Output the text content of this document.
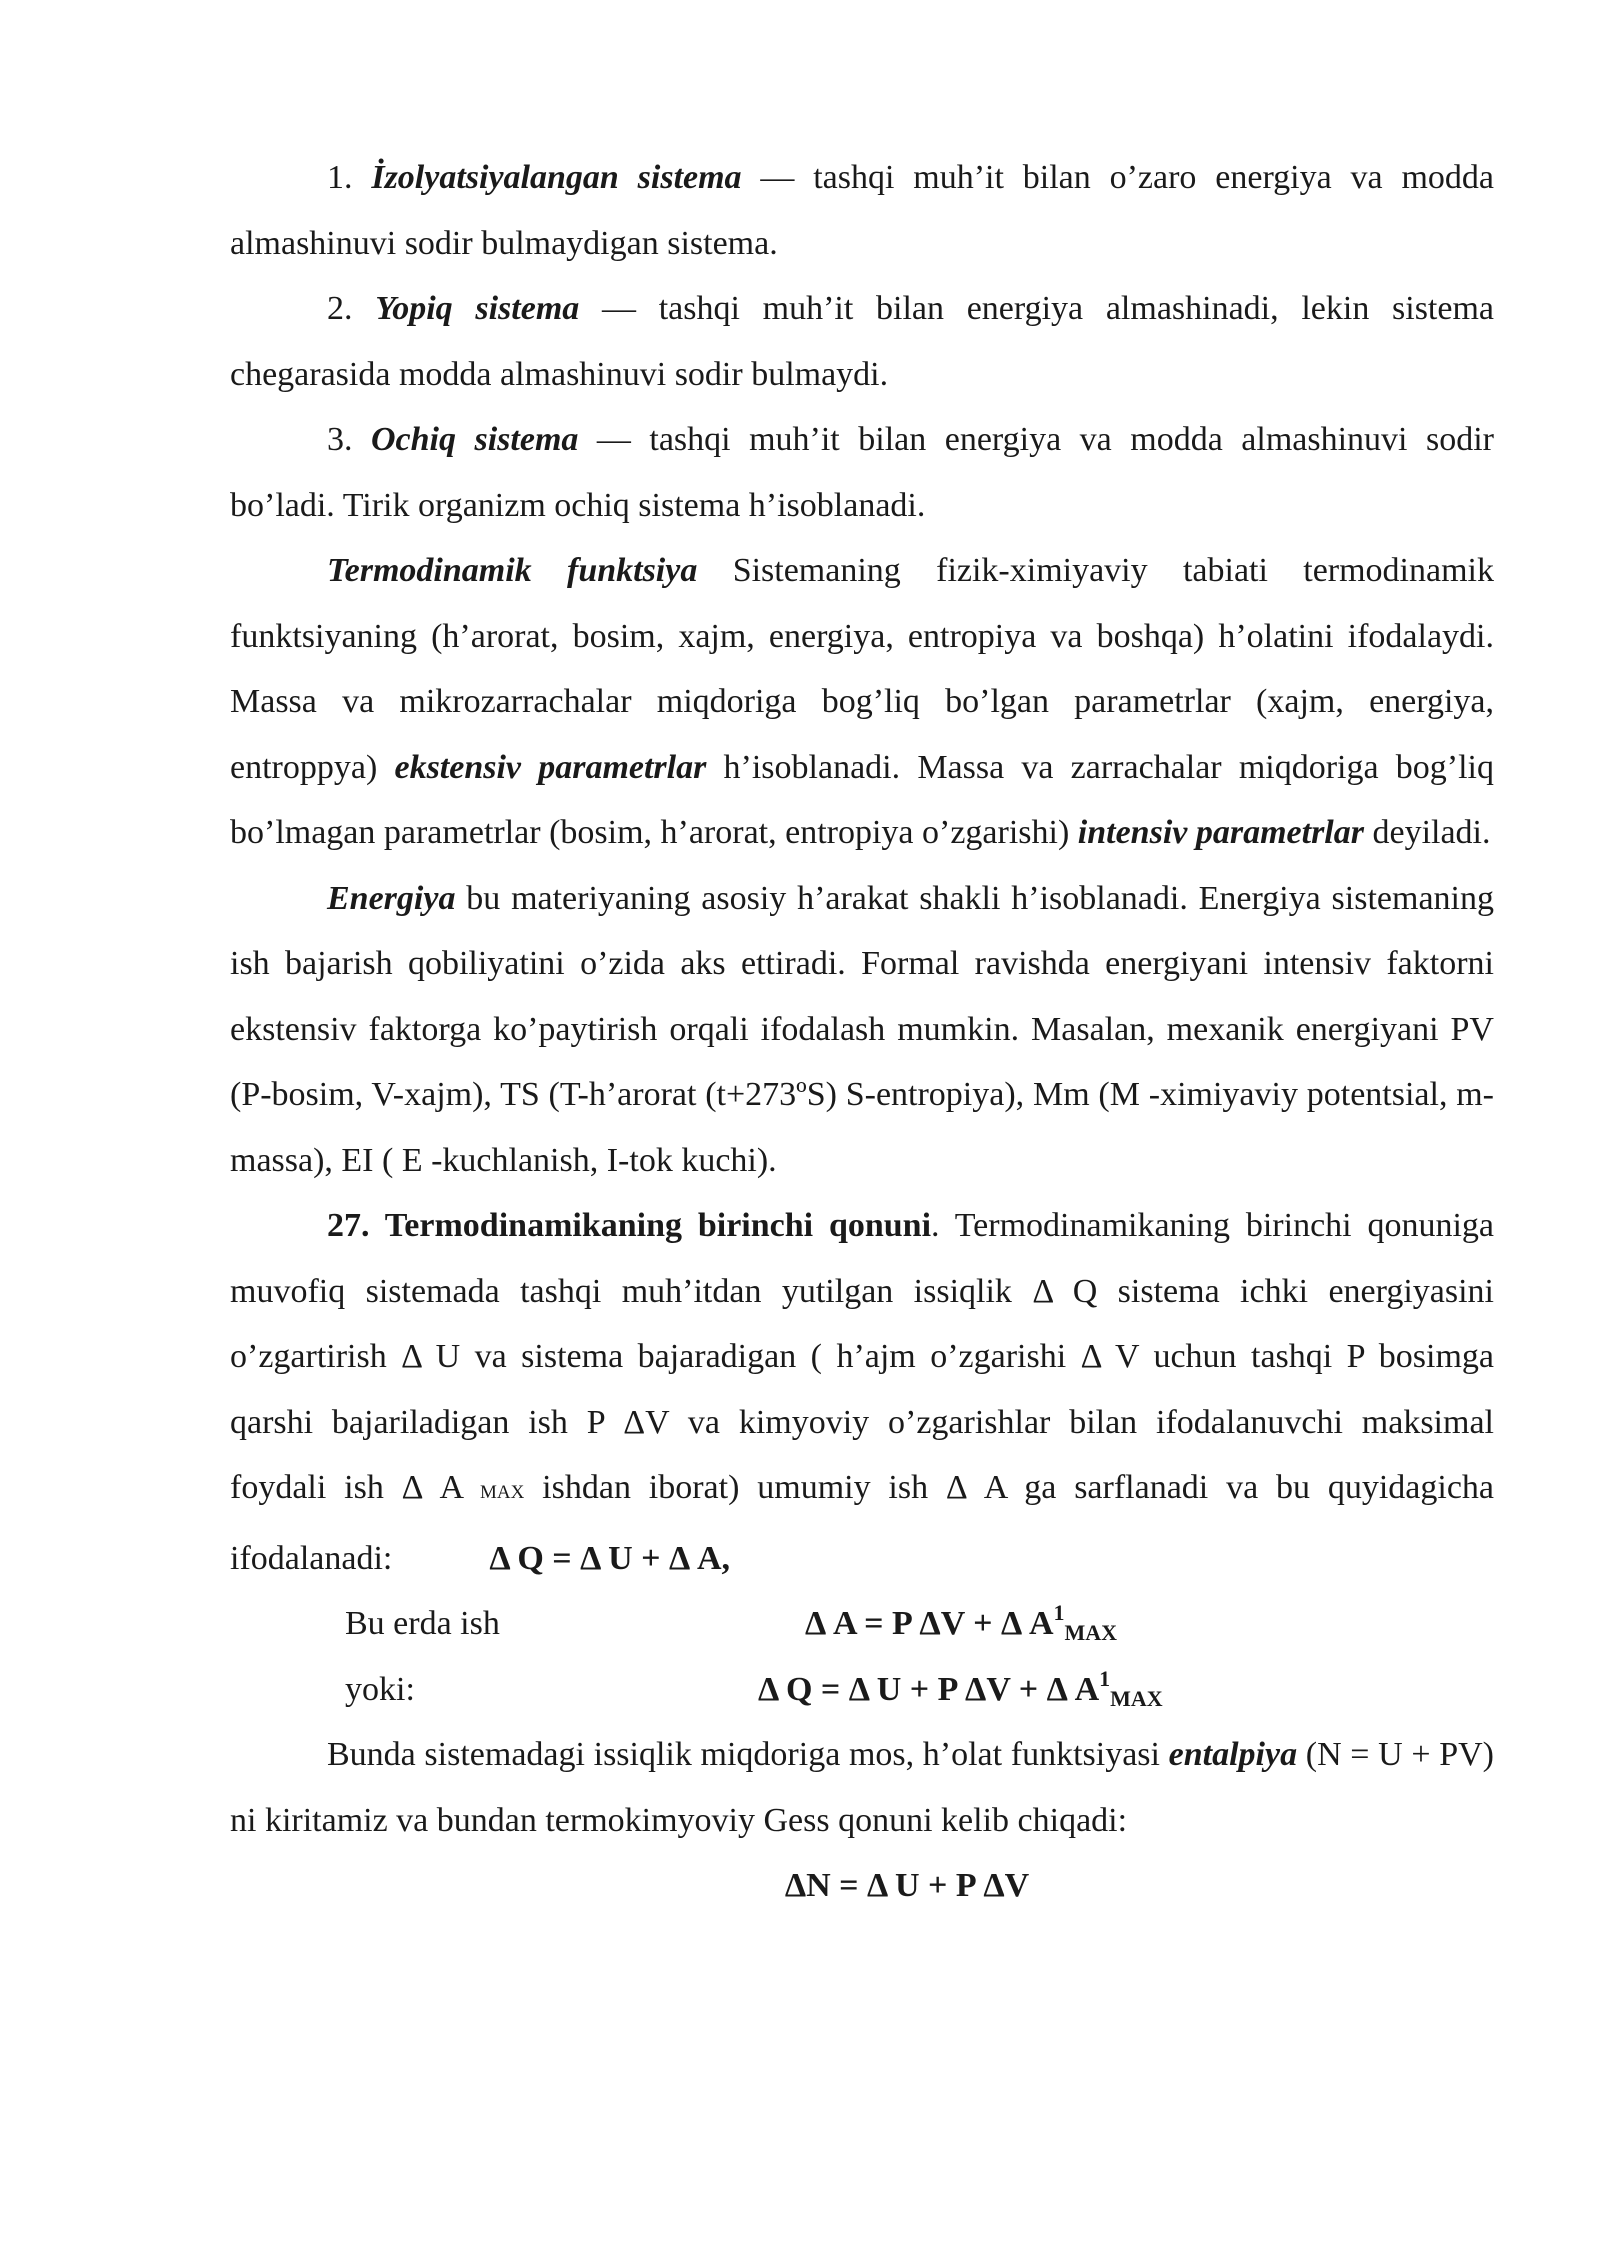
1. İzolyatsiyalangan sistema — tashqi muh’it bilan o’zaro energiya va modda almashinuvi sodir bulmaydigan sistema.

2. Yopiq sistema — tashqi muh’it bilan energiya almashinadi, lekin sistema chegarasida modda almashinuvi sodir bulmaydi.

3. Ochiq sistema — tashqi muh’it bilan energiya va modda almashinuvi sodir bo’ladi. Tirik organizm ochiq sistema h’isoblanadi.

Termodinamik funktsiya Sistemaning fizik-ximiyaviy tabiati termodinamik funktsiyaning (h’arorat, bosim, xajm, energiya, entropiya va boshqa) h’olatini ifodalaydi. Massa va mikrozarrachalar miqdoriga bog’liq bo’lgan parametrlar (xajm, energiya, entroppya) ekstensiv parametrlar h’isoblanadi. Massa va zarrachalar miqdoriga bog’liq bo’lmagan parametrlar (bosim, h’arorat, entropiya o’zgarishi) intensiv parametrlar deyiladi.

Energiya bu materiyaning asosiy h’arakat shakli h’isoblanadi. Energiya sistemaning ish bajarish qobiliyatini o’zida aks ettiradi. Formal ravishda energiyani intensiv faktorni ekstensiv faktorga ko’paytirish orqali ifodalash mumkin. Masalan, mexanik energiyani PV (P-bosim, V-xajm), TS (T-h’arorat (t+273ºS) S-entropiya), Mm (M -ximiyaviy potentsial, m-massa), EI ( E -kuchlanish, I-tok kuchi).

27. Termodinamikaning birinchi qonuni. Termodinamikaning birinchi qonuniga muvofiq sistemada tashqi muh’itdan yutilgan issiqlik Δ Q sistema ichki energiyasini o’zgartirish Δ U va sistema bajaradigan ( h’ajm o’zgarishi Δ V uchun tashqi P bosimga qarshi bajariladigan ish P ΔV va kimyoviy o’zgarishlar bilan ifodalanuvchi maksimal foydali ish Δ A MAX ishdan iborat) umumiy ish Δ A ga sarflanadi va bu quyidagicha ifodalanadi:	Δ Q = Δ U + Δ A,

Bu erda ish	Δ A = P ΔV + Δ $A^1MAX$
yoki:	Δ Q = Δ U + P ΔV + Δ $A^1MAX$

Bunda sistemadagi issiqlik miqdoriga mos, h’olat funktsiyasi entalpiya (N = U + PV) ni kiritamiz va bundan termokimyoviy Gess qonuni kelib chiqadi:

ΔN = Δ U + P ΔV
